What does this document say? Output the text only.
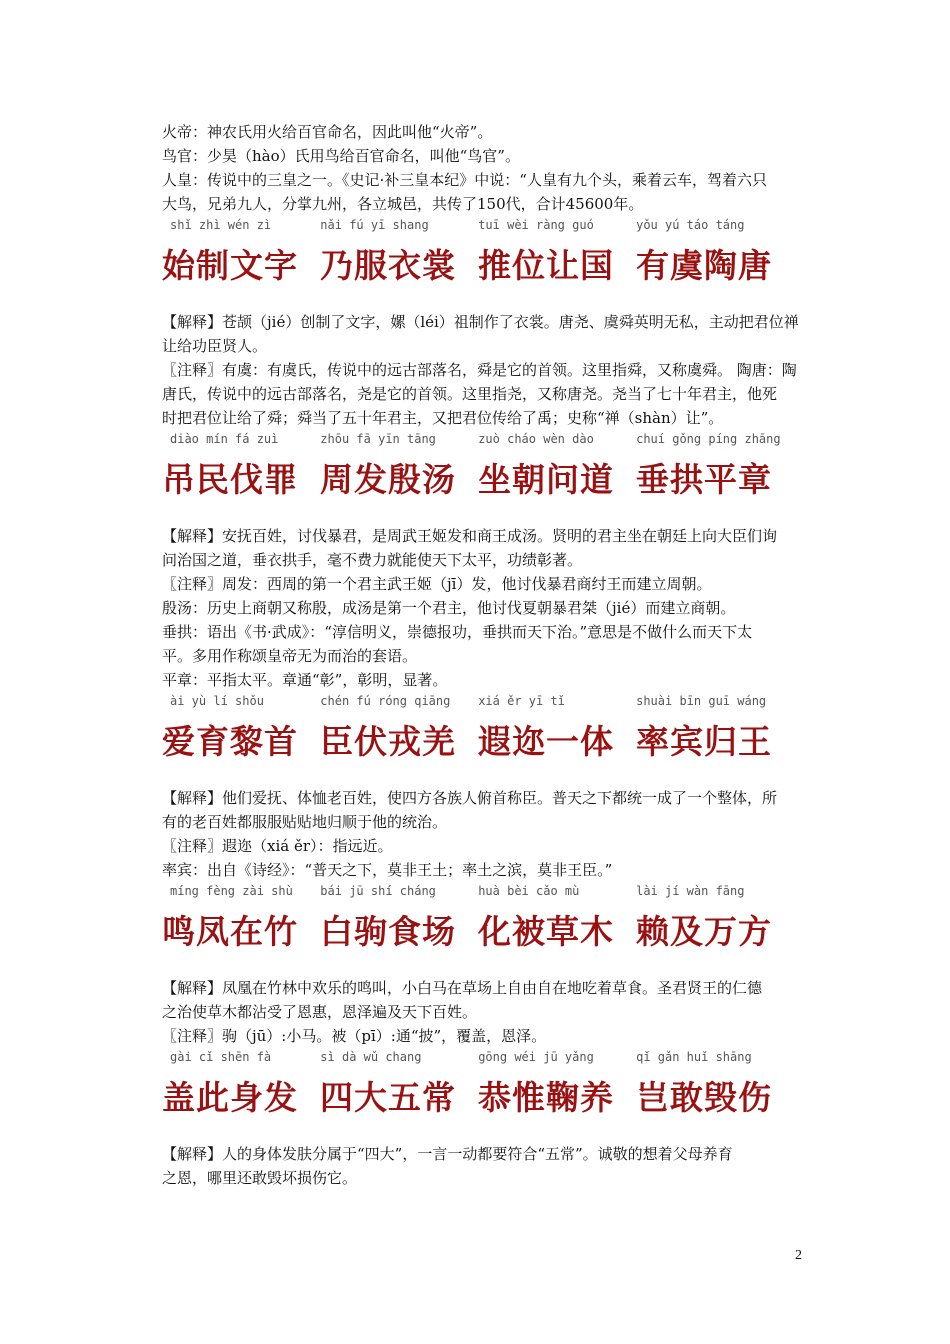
火帝：神农氏用火给百官命名，因此叫他“火帝”。
鸟官：少昊（hào）氏用鸟给百官命名，叫他“鸟官”。
人皇：传说中的三皇之一。《史记·补三皇本纪》中说：“人皇有九个头，乘着云车，驾着六只
大鸟，兄弟九人，分掌九州，各立城邑，共传了150代，合计45600年。
shǐ zhì wén zì	nǎi fú yī shang	tuī wèi ràng guó	yǒu yú táo táng
始制文字 乃服衣裳 推位让国 有虞陶唐
【解释】苍颉（jié）创制了文字，嫘（léi）祖制作了衣裳。唐尧、虞舜英明无私，主动把君位禅
让给功臣贤人。
〖注释〗有虞：有虞氏，传说中的远古部落名，舜是它的首领。这里指舜，又称虞舜。 陶唐：陶
唐氏，传说中的远古部落名，尧是它的首领。这里指尧，又称唐尧。尧当了七十年君主，他死
时把君位让给了舜；舜当了五十年君主，又把君位传给了禹；史称“禅（shàn）让”。
diào mín fá zuì	zhōu fā yīn tāng	zuò cháo wèn dào	chuí gǒng píng zhāng
吊民伐罪 周发殷汤 坐朝问道 垂拱平章
【解释】安抚百姓，讨伐暴君，是周武王姬发和商王成汤。贤明的君主坐在朝廷上向大臣们询
问治国之道，垂衣拱手，毫不费力就能使天下太平，功绩彰著。
〖注释〗周发：西周的第一个君主武王姬（jī）发，他讨伐暴君商纣王而建立周朝。
殷汤：历史上商朝又称殷，成汤是第一个君主，他讨伐夏朝暴君桀（jié）而建立商朝。
垂拱：语出《书·武成》：“淳信明义，崇德报功，垂拱而天下治。”意思是不做什么而天下太
平。多用作称颂皇帝无为而治的套语。
平章：平指太平。章通“彰”，彰明，显著。
ài yù lí shǒu	chén fú róng qiāng	xiá ěr yī tǐ	shuài bīn guī wáng
爱育黎首 臣伏戎羌 遐迩一体 率宾归王
【解释】他们爱抚、体恤老百姓，使四方各族人俯首称臣。普天之下都统一成了一个整体，所
有的老百姓都服服贴贴地归顺于他的统治。
〖注释〗遐迩（xiá ěr）：指远近。
率宾：出自《诗经》：“普天之下，莫非王土；率土之滨，莫非王臣。”
míng fèng zài shù	bái jū shí cháng	huà bèi cǎo mù	lài jí wàn fāng
鸣凤在竹 白驹食场 化被草木 赖及万方
【解释】凤凰在竹林中欢乐的鸣叫，小白马在草场上自由自在地吃着草食。圣君贤王的仁德
之治使草木都沾受了恩惠，恩泽遍及天下百姓。
〖注释〗驹（jū）:小马。被（pī）:通“披”，覆盖，恩泽。
gài cǐ shēn fà	sì dà wǔ chang	gōng wéi jū yǎng	qǐ gǎn huǐ shāng
盖此身发 四大五常 恭惟鞠养 岂敢毁伤
【解释】人的身体发肤分属于“四大”，一言一动都要符合“五常”。诚敬的想着父母养育
之恩，哪里还敢毁坏损伤它。
2
